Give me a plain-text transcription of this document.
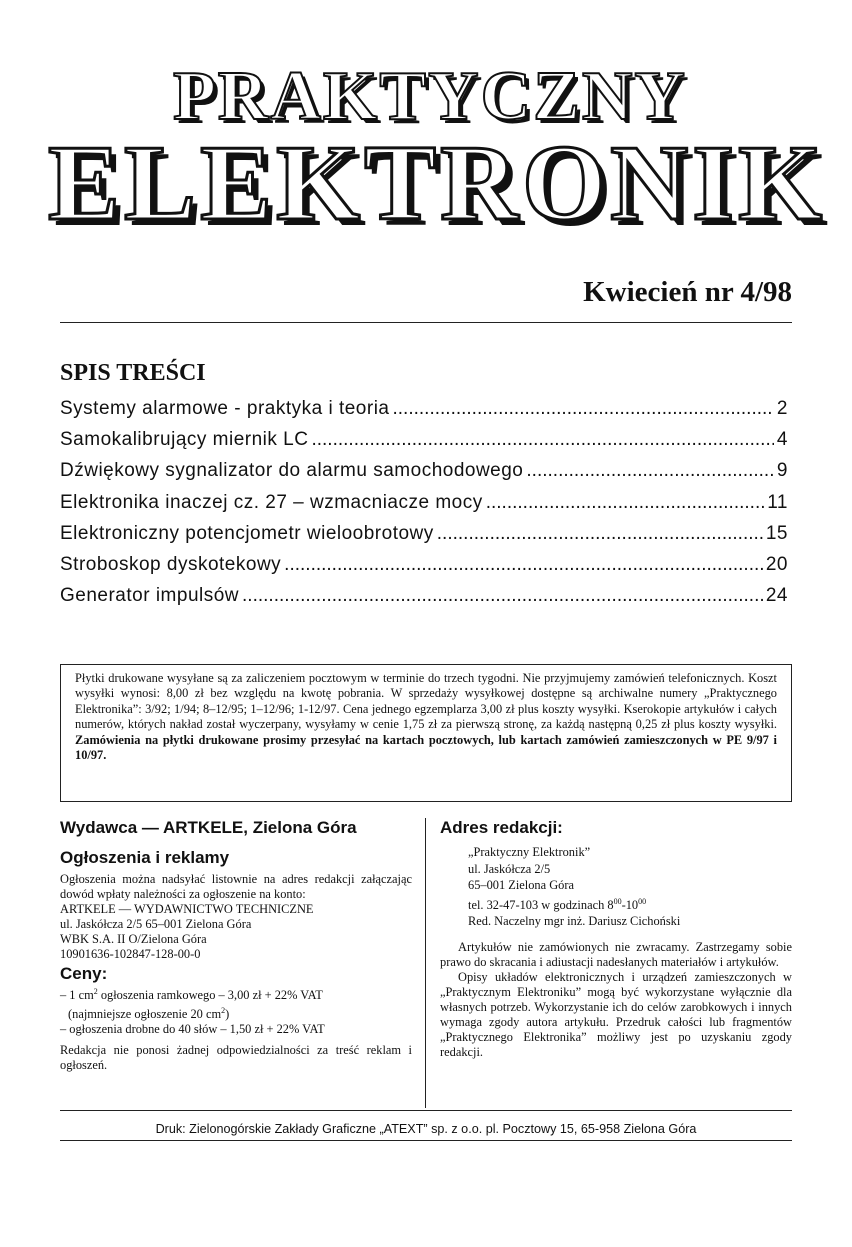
PRAKTYCZNY
ELEKTRONIK
Kwiecień nr 4/98
SPIS TREŚCI
Systemy alarmowe - praktyka i teoria .....	2
Samokalibrujący miernik LC .....	4
Dźwiękowy sygnalizator do alarmu samochodowego .....	9
Elektronika inaczej cz. 27 – wzmacniacze mocy .....	11
Elektroniczny potencjometr wieloobrotowy .....	15
Stroboskop dyskotekowy .....	20
Generator impulsów .....	24
Płytki drukowane wysyłane są za zaliczeniem pocztowym w terminie do trzech tygodni. Nie przyjmujemy zamówień telefonicznych. Koszt wysyłki wynosi: 8,00 zł bez względu na kwotę pobrania. W sprzedaży wysyłkowej dostępne są archiwalne numery „Praktycznego Elektronika”: 3/92; 1/94; 8–12/95; 1–12/96; 1-12/97. Cena jednego egzemplarza 3,00 zł plus koszty wysyłki. Kserokopie artykułów i całych numerów, których nakład został wyczerpany, wysyłamy w cenie 1,75 zł za pierwszą stronę, za każdą następną 0,25 zł plus koszty wysyłki. Zamówienia na płytki drukowane prosimy przesyłać na kartach pocztowych, lub kartach zamówień zamieszczonych w PE 9/97 i 10/97.
Wydawca — ARTKELE, Zielona Góra
Ogłoszenia i reklamy
Ogłoszenia można nadsyłać listownie na adres redakcji załączając dowód wpłaty należności za ogłoszenie na konto:
ARTKELE — WYDAWNICTWO TECHNICZNE
ul. Jaskółcza 2/5 65–001 Zielona Góra
WBK S.A. II O/Zielona Góra
10901636-102847-128-00-0
Ceny:
– 1 $cm^2$ ogłoszenia ramkowego – 3,00 zł + 22% VAT
(najmniejsze ogłoszenie 20 $cm^2$)
– ogłoszenia drobne do 40 słów – 1,50 zł + 22% VAT
Redakcja nie ponosi żadnej odpowiedzialności za treść reklam i ogłoszeń.
Adres redakcji:
„Praktyczny Elektronik”
ul. Jaskółcza 2/5
65–001 Zielona Góra
tel. 32-47-103 w godzinach $8^{00}-10^{00}$
Red. Naczelny mgr inż. Dariusz Cichoński
Artykułów nie zamówionych nie zwracamy. Zastrzegamy sobie prawo do skracania i adiustacji nadesłanych materiałów i artykułów.
Opisy układów elektronicznych i urządzeń zamieszczonych w „Praktycznym Elektroniku” mogą być wykorzystane wyłącznie dla własnych potrzeb. Wykorzystanie ich do celów zarobkowych i innych wymaga zgody autora artykułu. Przedruk całości lub fragmentów „Praktycznego Elektronika” możliwy jest po uzyskaniu zgody redakcji.
Druk: Zielonogórskie Zakłady Graficzne „ATEXT” sp. z o.o. pl. Pocztowy 15, 65-958 Zielona Góra
